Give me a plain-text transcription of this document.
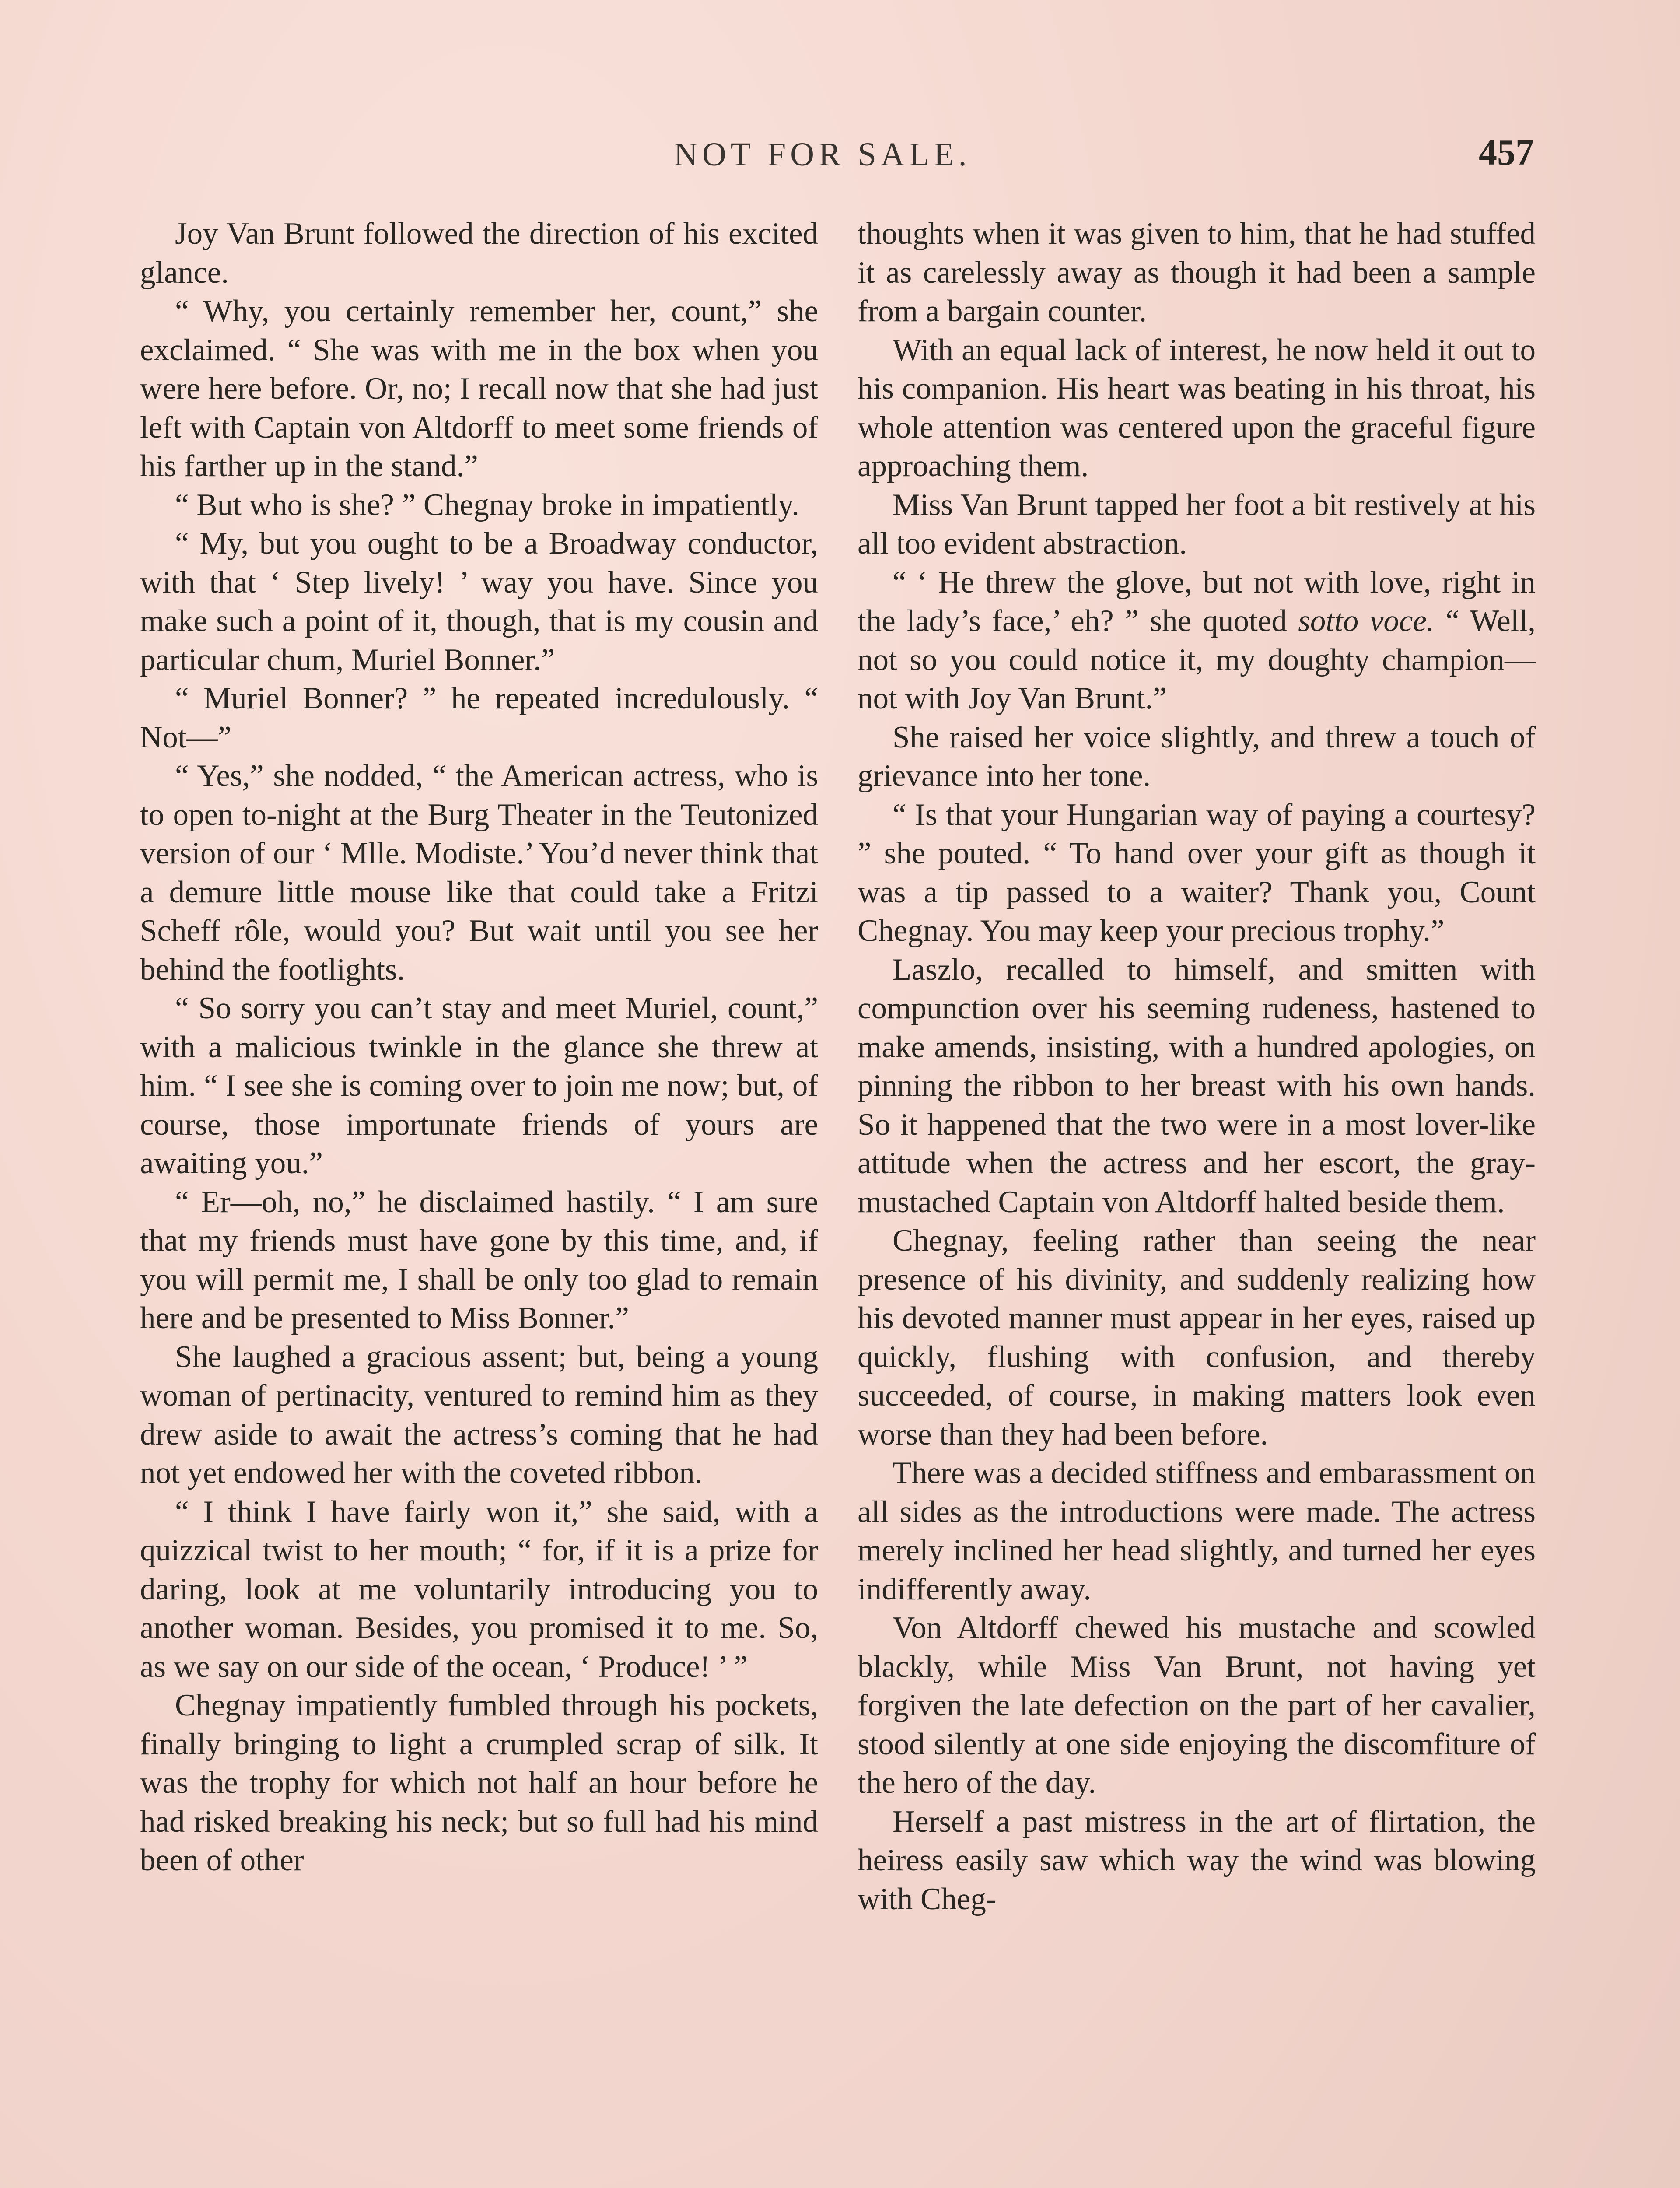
NOT FOR SALE.	457

Joy Van Brunt followed the direction of his excited glance.

“ Why, you certainly remember her, count,” she exclaimed. “ She was with me in the box when you were here before. Or, no; I recall now that she had just left with Captain von Altdorff to meet some friends of his farther up in the stand.”

“ But who is she? ” Chegnay broke in impatiently.

“ My, but you ought to be a Broadway conductor, with that ‘ Step lively! ’ way you have. Since you make such a point of it, though, that is my cousin and particular chum, Muriel Bonner.”

“ Muriel Bonner? ” he repeated incredulously. “ Not—”

“ Yes,” she nodded, “ the American actress, who is to open to-night at the Burg Theater in the Teutonized version of our ‘ Mlle. Modiste.’ You’d never think that a demure little mouse like that could take a Fritzi Scheff rôle, would you? But wait until you see her behind the footlights.

“ So sorry you can’t stay and meet Muriel, count,” with a malicious twinkle in the glance she threw at him. “ I see she is coming over to join me now; but, of course, those importunate friends of yours are awaiting you.”

“ Er—oh, no,” he disclaimed hastily. “ I am sure that my friends must have gone by this time, and, if you will permit me, I shall be only too glad to remain here and be presented to Miss Bonner.”

She laughed a gracious assent; but, being a young woman of pertinacity, ventured to remind him as they drew aside to await the actress’s coming that he had not yet endowed her with the coveted ribbon.

“ I think I have fairly won it,” she said, with a quizzical twist to her mouth; “ for, if it is a prize for daring, look at me voluntarily introducing you to another woman. Besides, you promised it to me. So, as we say on our side of the ocean, ‘ Produce! ’ ”

Chegnay impatiently fumbled through his pockets, finally bringing to light a crumpled scrap of silk. It was the trophy for which not half an hour before he had risked breaking his neck; but so full had his mind been of other

thoughts when it was given to him, that he had stuffed it as carelessly away as though it had been a sample from a bargain counter.

With an equal lack of interest, he now held it out to his companion. His heart was beating in his throat, his whole attention was centered upon the graceful figure approaching them.

Miss Van Brunt tapped her foot a bit restively at his all too evident abstraction.

“ ‘ He threw the glove, but not with love, right in the lady’s face,’ eh? ” she quoted sotto voce. “ Well, not so you could notice it, my doughty champion—not with Joy Van Brunt.”

She raised her voice slightly, and threw a touch of grievance into her tone.

“ Is that your Hungarian way of paying a courtesy? ” she pouted. “ To hand over your gift as though it was a tip passed to a waiter? Thank you, Count Chegnay. You may keep your precious trophy.”

Laszlo, recalled to himself, and smitten with compunction over his seeming rudeness, hastened to make amends, insisting, with a hundred apologies, on pinning the ribbon to her breast with his own hands. So it happened that the two were in a most lover-like attitude when the actress and her escort, the gray-mustached Captain von Altdorff halted beside them.

Chegnay, feeling rather than seeing the near presence of his divinity, and suddenly realizing how his devoted manner must appear in her eyes, raised up quickly, flushing with confusion, and thereby succeeded, of course, in making matters look even worse than they had been before.

There was a decided stiffness and embarassment on all sides as the introductions were made. The actress merely inclined her head slightly, and turned her eyes indifferently away.

Von Altdorff chewed his mustache and scowled blackly, while Miss Van Brunt, not having yet forgiven the late defection on the part of her cavalier, stood silently at one side enjoying the discomfiture of the hero of the day.

Herself a past mistress in the art of flirtation, the heiress easily saw which way the wind was blowing with Cheg-
